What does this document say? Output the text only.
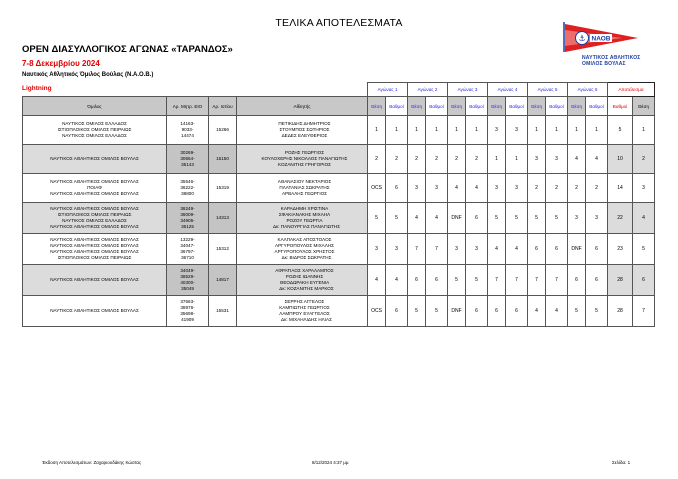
ΤΕΛΙΚΑ ΑΠΟΤΕΛΕΣΜΑΤΑ
OPEN ΔΙΑΣΥΛΛΟΓΙΚΟΣ ΑΓΩΝΑΣ «ΤΑΡΑΝΔΟΣ»
7-8 Δεκεμβρίου 2024
Ναυτικός Αθλητικός Όμιλος Βούλας (Ν.Α.Ο.Β.)
Lightning
⚓ ΝΑΟΒ
ΝΑΥΤΙΚΟΣ ΑΘΛΗΤΙΚΟΣ
ΟΜΙΛΟΣ ΒΟΥΛΑΣ
				Αγώνας 1		Αγώνας 2		Αγώνας 3		Αγώνας 4		Αγώνας 5		Αγώνας 6		Αποτέλεσμα	
Όμιλος	Αρ. Μητρ. ΕΙΟ	Αρ. Ιστίου	Αθλητής	Θέση	Βαθμοί	Θέση	Βαθμοί	Θέση	Βαθμοί	Θέση	Βαθμοί	Θέση	Βαθμοί	Θέση	Βαθμοί	Βαθμοί	Θέση

ΝΑΥΤΙΚΟΣ ΟΜΙΛΟΣ ΕΛΛΑΔΟΣ
ΙΣΤΙΟΠΛΟΙΚΟΣ ΟΜΙΛΟΣ ΠΕΙΡΑΙΩΣ
ΝΑΥΤΙΚΟΣ ΟΜΙΛΟΣ ΕΛΛΑΔΟΣ	14163-
9033-
14474	15266	ΠΕΤΙΚΙΔΗΣ ΔΗΜΗΤΡΙΟΣ
ΣΤΟΥΜΠΟΣ ΣΩΤΗΡΙΟΣ
ΔΕΔΕΣ ΕΛΕΥΘΕΡΙΟΣ	1	1	1	1	1	1	3	3	1	1	1	1	5	1

ΝΑΥΤΙΚΟΣ ΑΘΛΗΤΙΚΟΣ ΟΜΙΛΟΣ ΒΟΥΛΑΣ	30269-
30664-
35143	15150	ΡΟΖΗΣ ΓΕΩΡΓΙΟΣ
ΚΟΥΛΟΧΕΡΗΣ ΝΙΚΟΛΑΟΣ ΠΑΝΑΓΙΩΤΗΣ
ΚΟΖΑΝΙΤΗΣ ΓΡΗΓΟΡΙΟΣ	2	2	2	2	2	2	1	1	3	3	4	4	10	2

ΝΑΥΤΙΚΟΣ ΑΘΛΗΤΙΚΟΣ ΟΜΙΛΟΣ ΒΟΥΛΑΣ
ΠΟΙΑΦ
ΝΑΥΤΙΚΟΣ ΑΘΛΗΤΙΚΟΣ ΟΜΙΛΟΣ ΒΟΥΛΑΣ	35546-
36222-
38800	15319	ΑΘΑΝΑΣΙΟΥ ΝΕΚΤΑΡΙΟΣ
ΠΛΑΤΑΝΙΑΣ ΣΩΚΡΑΤΗΣ
ΑΡΒΑΛΗΣ ΓΕΩΡΓΙΟΣ	OCS	6	3	3	4	4	3	3	2	2	2	2	14	3

ΝΑΥΤΙΚΟΣ ΑΘΛΗΤΙΚΟΣ ΟΜΙΛΟΣ ΒΟΥΛΑΣ
ΙΣΤΙΟΠΛΟΙΚΟΣ ΟΜΙΛΟΣ ΠΕΙΡΑΙΩΣ
ΝΑΥΤΙΚΟΣ ΟΜΙΛΟΣ ΕΛΛΑΔΟΣ
ΝΑΥΤΙΚΟΣ ΑΘΛΗΤΙΚΟΣ ΟΜΙΛΟΣ ΒΟΥΛΑΣ	36249-
36009-
34905-
36125	14313	ΚΑΡΑΔΗΜΗ ΧΡΙΣΤΙΝΑ
ΣΦΑΚΙΑΝΑΚΗΣ ΜΙΧΑΗΛ
ΡΟΖΟΥ ΓΕΩΡΓΙΑ
Δκ: ΠΑΝΟΥΡΓΙΑΣ ΠΑΝΑΓΙΩΤΗΣ	5	5	4	4	DNF	6	5	5	5	5	3	3	22	4

ΝΑΥΤΙΚΟΣ ΑΘΛΗΤΙΚΟΣ ΟΜΙΛΟΣ ΒΟΥΛΑΣ
ΝΑΥΤΙΚΟΣ ΑΘΛΗΤΙΚΟΣ ΟΜΙΛΟΣ ΒΟΥΛΑΣ
ΝΑΥΤΙΚΟΣ ΑΘΛΗΤΙΚΟΣ ΟΜΙΛΟΣ ΒΟΥΛΑΣ
ΙΣΤΙΟΠΛΟΙΚΟΣ ΟΜΙΛΟΣ ΠΕΙΡΑΙΩΣ	13229-
34047-
36797-
36710	15312	ΚΑΛΠΑΚΑΣ ΑΠΟΣΤΟΛΟΣ
ΑΡΓΥΡΟΠΟΥΛΟΣ ΜΙΧΑΛΗΣ
ΑΡΓΥΡΟΠΟΥΛΟΣ ΧΡΗΣΤΟΣ
Δκ: ΒΙΔΡΟΣ ΣΩΚΡΑΤΗΣ	3	3	7	7	3	3	4	4	6	6	DNF	6	23	5

ΝΑΥΤΙΚΟΣ ΑΘΛΗΤΙΚΟΣ ΟΜΙΛΟΣ ΒΟΥΛΑΣ	34049-
38529-
40300-
35049	14817	ΑΦΡΑΤΙΑΟΣ ΧΑΡΑΛΑΜΠΟΣ
ΡΟΖΗΣ ΙΩΑΝΝΗΣ
ΘΕΟΔΩΡΑΚΗ ΕΥΓΕΝΙΑ
Δκ: ΚΟΖΑΝΙΤΗΣ ΜΑΡΚΟΣ	4	4	6	6	5	5	7	7	7	7	6	6	28	6

ΝΑΥΤΙΚΟΣ ΑΘΛΗΤΙΚΟΣ ΟΜΙΛΟΣ ΒΟΥΛΑΣ	37663-
38976-
35698-
41909	15531	ΣΕΡΡΗΣ ΑΓΓΕΛΟΣ
ΚΑΜΠΙΩΤΗΣ ΓΕΩΡΓΙΟΣ
ΛΑΜΠΡΟΥ ΕΥΑΓΓΕΛΟΣ
Δκ: ΜΙΧΑΗΛΙΔΗΣ ΗΛΙΑΣ	OCS	6	5	5	DNF	6	6	6	4	4	5	5	28	7
Έκδοση Αποτελεσμάτων: Ζαχαριουδάκης Κώστας	8/12/2024 4:37 μμ	Σελίδα: 1
